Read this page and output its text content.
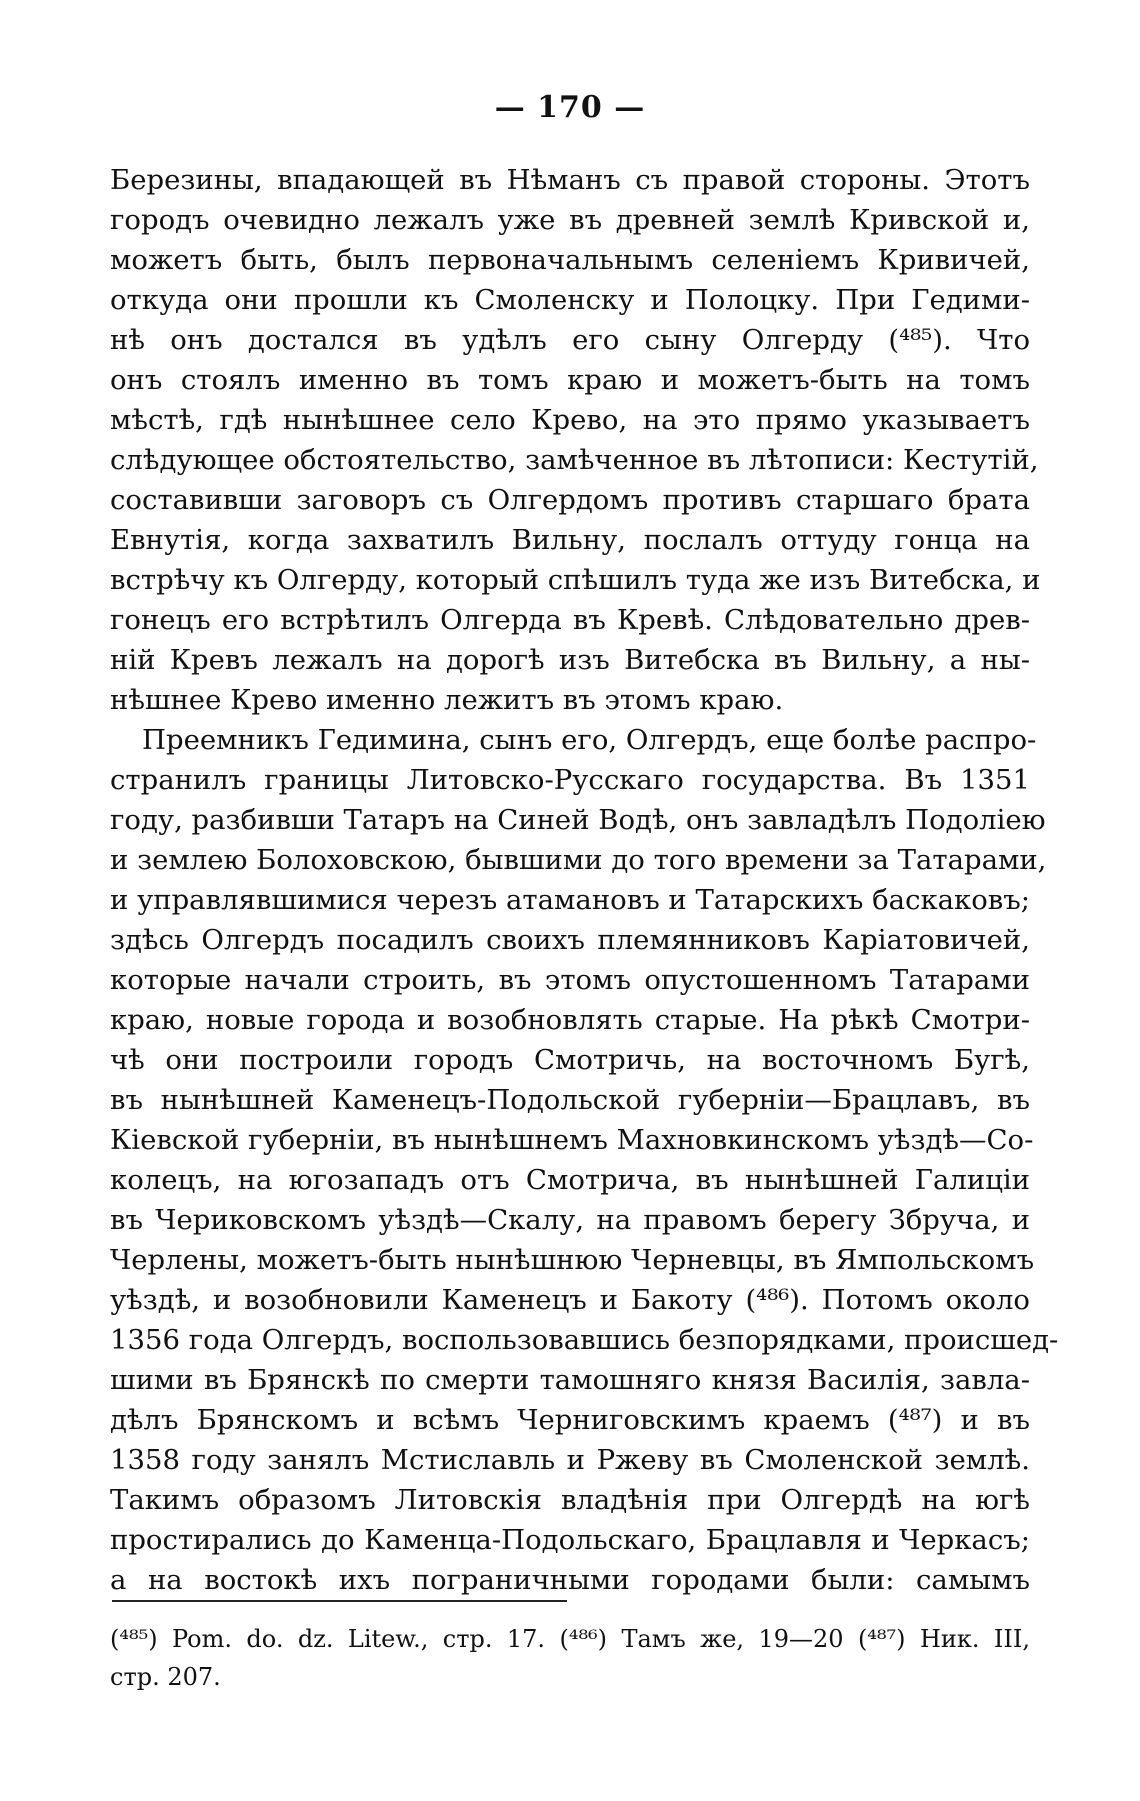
— 170 —

Березины, впадающей въ Нѣманъ съ правой стороны. Этотъ
городъ очевидно лежалъ уже въ древней землѣ Кривской и,
можетъ быть, былъ первоначальнымъ селеніемъ Кривичей,
откуда они прошли къ Смоленску и Полоцку. При Гедими-
нѣ онъ достался въ удѣлъ его сыну Олгерду (⁴⁸⁵). Что
онъ стоялъ именно въ томъ краю и можетъ-быть на томъ
мѣстѣ, гдѣ нынѣшнее село Крево, на это прямо указываетъ
слѣдующее обстоятельство, замѣченное въ лѣтописи: Кестутій,
составивши заговоръ съ Олгердомъ противъ старшаго брата
Евнутія, когда захватилъ Вильну, послалъ оттуду гонца на
встрѣчу къ Олгерду, который спѣшилъ туда же изъ Витебска, и
гонецъ его встрѣтилъ Олгерда въ Кревѣ. Слѣдовательно древ-
ній Кревъ лежалъ на дорогѣ изъ Витебска въ Вильну, а ны-
нѣшнее Крево именно лежитъ въ этомъ краю.

Преемникъ Гедимина, сынъ его, Олгердъ, еще болѣе распро-
странилъ границы Литовско-Русскаго государства. Въ 1351
году, разбивши Татаръ на Синей Водѣ, онъ завладѣлъ Подоліею
и землею Болоховскою, бывшими до того времени за Татарами,
и управлявшимися черезъ атамановъ и Татарскихъ баскаковъ;
здѣсь Олгердъ посадилъ своихъ племянниковъ Каріатовичей,
которые начали строить, въ этомъ опустошенномъ Татарами
краю, новые города и возобновлять старые. На рѣкѣ Смотри-
чѣ они построили городъ Смотричь, на восточномъ Бугѣ,
въ нынѣшней Каменецъ-Подольской губерніи—Брацлавъ, въ
Кіевской губерніи, въ нынѣшнемъ Махновкинскомъ уѣздѣ—Со-
колецъ, на югозападъ отъ Смотрича, въ нынѣшней Галиціи
въ Чериковскомъ уѣздѣ—Скалу, на правомъ берегу Збруча, и
Черлены, можетъ-быть нынѣшнюю Черневцы, въ Ямпольскомъ
уѣздѣ, и возобновили Каменецъ и Бакоту (⁴⁸⁶). Потомъ около
1356 года Олгердъ, воспользовавшись безпорядками, происшед-
шими въ Брянскѣ по смерти тамошняго князя Василія, завла-
дѣлъ Брянскомъ и всѣмъ Черниговскимъ краемъ (⁴⁸⁷) и въ
1358 году занялъ Мстиславль и Ржеву въ Смоленской землѣ.
Такимъ образомъ Литовскія владѣнія при Олгердѣ на югѣ
простирались до Каменца-Подольскаго, Брацлавля и Черкасъ;
а на востокѣ ихъ пограничными городами были: самымъ

(⁴⁸⁵) Pom. do. dz. Litew., стр. 17. (⁴⁸⁶) Тамъ же, 19—20 (⁴⁸⁷) Ник. III,
стр. 207.
